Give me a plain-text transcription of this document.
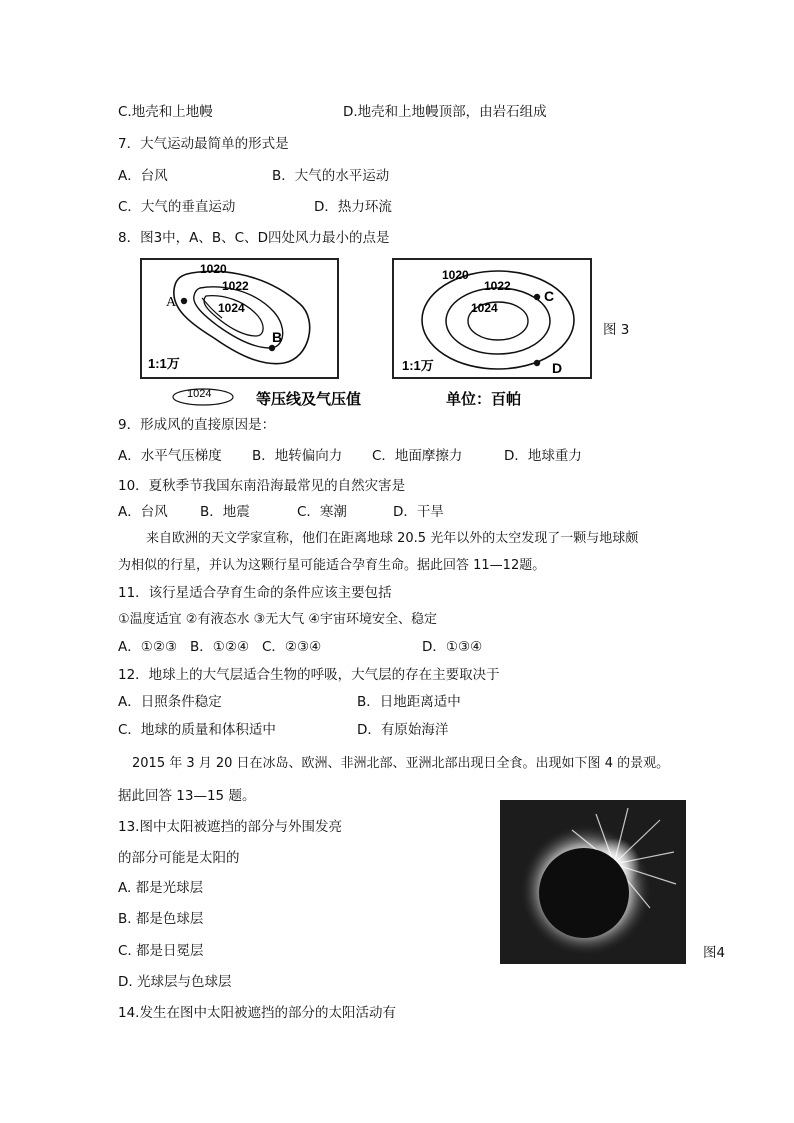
C.地壳和上地幔	D.地壳和上地幔顶部，由岩石组成
7．大气运动最简单的形式是
A．台风	B．大气的水平运动
C．大气的垂直运动	D．热力环流
8．图3中，A、B、C、D四处风力最小的点是
1020
1022
1024
A
B
1:1万
1020
1022
1024
C
D
1:1万
图 3
1024	等压线及气压值	单位：百帕
9．形成风的直接原因是：
A．水平气压梯度 B．地转偏向力 C．地面摩擦力	D．地球重力
10．夏秋季节我国东南沿海最常见的自然灾害是
A．台风 B．地震	C．寒潮	D．干旱
来自欧洲的天文学家宣称，他们在距离地球 20.5 光年以外的太空发现了一颗与地球颇
为相似的行星，并认为这颗行星可能适合孕育生命。据此回答 11—12题。
11．该行星适合孕育生命的条件应该主要包括
①温度适宜 ②有液态水 ③无大气 ④宇宙环境安全、稳定
A．①②③ B．①②④ C．②③④	D．①③④
12．地球上的大气层适合生物的呼吸，大气层的存在主要取决于
A．日照条件稳定	B．日地距离适中
C．地球的质量和体积适中	D．有原始海洋
2015 年 3 月 20 日在冰岛、欧洲、非洲北部、亚洲北部出现日全食。出现如下图 4 的景观。
据此回答 13—15 题。
13.图中太阳被遮挡的部分与外围发亮
的部分可能是太阳的
A. 都是光球层
B. 都是色球层
C. 都是日冕层
D. 光球层与色球层
图4
14.发生在图中太阳被遮挡的部分的太阳活动有
